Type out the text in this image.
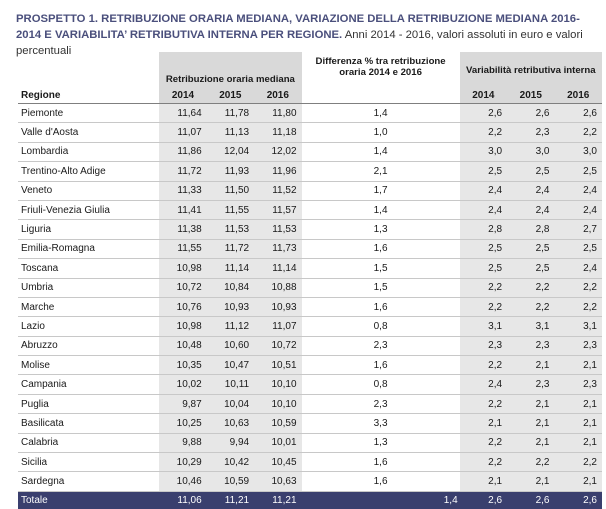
PROSPETTO 1. RETRIBUZIONE ORARIA MEDIANA, VARIAZIONE DELLA RETRIBUZIONE MEDIANA 2016-2014 E VARIABILITA’ RETRIBUTIVA INTERNA PER REGIONE. Anni 2014 - 2016, valori assoluti in euro e valori percentuali
	Retribuzione oraria mediana			Differenza % tra retribuzione oraria 2014 e 2016	Variabilità retributiva interna		
Regione	2014	2015	2016		2014	2015	2016
Piemonte	11,64	11,78	11,80	1,4	2,6	2,6	2,6
Valle d'Aosta	11,07	11,13	11,18	1,0	2,2	2,3	2,2
Lombardia	11,86	12,04	12,02	1,4	3,0	3,0	3,0
Trentino-Alto Adige	11,72	11,93	11,96	2,1	2,5	2,5	2,5
Veneto	11,33	11,50	11,52	1,7	2,4	2,4	2,4
Friuli-Venezia Giulia	11,41	11,55	11,57	1,4	2,4	2,4	2,4
Liguria	11,38	11,53	11,53	1,3	2,8	2,8	2,7
Emilia-Romagna	11,55	11,72	11,73	1,6	2,5	2,5	2,5
Toscana	10,98	11,14	11,14	1,5	2,5	2,5	2,4
Umbria	10,72	10,84	10,88	1,5	2,2	2,2	2,2
Marche	10,76	10,93	10,93	1,6	2,2	2,2	2,2
Lazio	10,98	11,12	11,07	0,8	3,1	3,1	3,1
Abruzzo	10,48	10,60	10,72	2,3	2,3	2,3	2,3
Molise	10,35	10,47	10,51	1,6	2,2	2,1	2,1
Campania	10,02	10,11	10,10	0,8	2,4	2,3	2,3
Puglia	9,87	10,04	10,10	2,3	2,2	2,1	2,1
Basilicata	10,25	10,63	10,59	3,3	2,1	2,1	2,1
Calabria	9,88	9,94	10,01	1,3	2,2	2,1	2,1
Sicilia	10,29	10,42	10,45	1,6	2,2	2,2	2,2
Sardegna	10,46	10,59	10,63	1,6	2,1	2,1	2,1
Totale	11,06	11,21	11,21	1,4	2,6	2,6	2,6
